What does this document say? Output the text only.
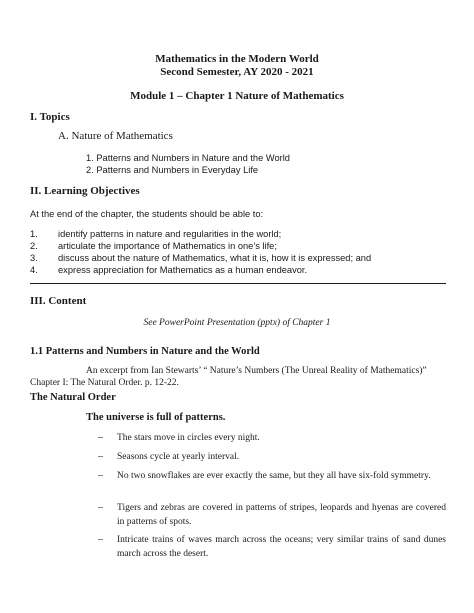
Mathematics in the Modern World
Second Semester, AY 2020 - 2021
Module 1 – Chapter 1 Nature of Mathematics
I. Topics
A. Nature of Mathematics
1. Patterns and Numbers in Nature and the World
2. Patterns and Numbers in Everyday Life
II. Learning Objectives
At the end of the chapter, the students should be able to:
1. identify patterns in nature and regularities in the world;
2. articulate the importance of Mathematics in one’s life;
3. discuss about the nature of Mathematics, what it is, how it is expressed; and
4. express appreciation for Mathematics as a human endeavor.
III. Content
See PowerPoint Presentation (pptx) of Chapter 1
1.1 Patterns and Numbers in Nature and the World
An excerpt from Ian Stewarts’ “ Nature’s Numbers (The Unreal Reality of Mathematics)”
Chapter I: The Natural Order. p. 12-22.
The Natural Order
The universe is full of patterns.
– The stars move in circles every night.
– Seasons cycle at yearly interval.
– No two snowflakes are ever exactly the same, but they all have six-fold symmetry.
– Tigers and zebras are covered in patterns of stripes, leopards and hyenas are covered in patterns of spots.
– Intricate trains of waves march across the oceans; very similar trains of sand dunes march across the desert.
